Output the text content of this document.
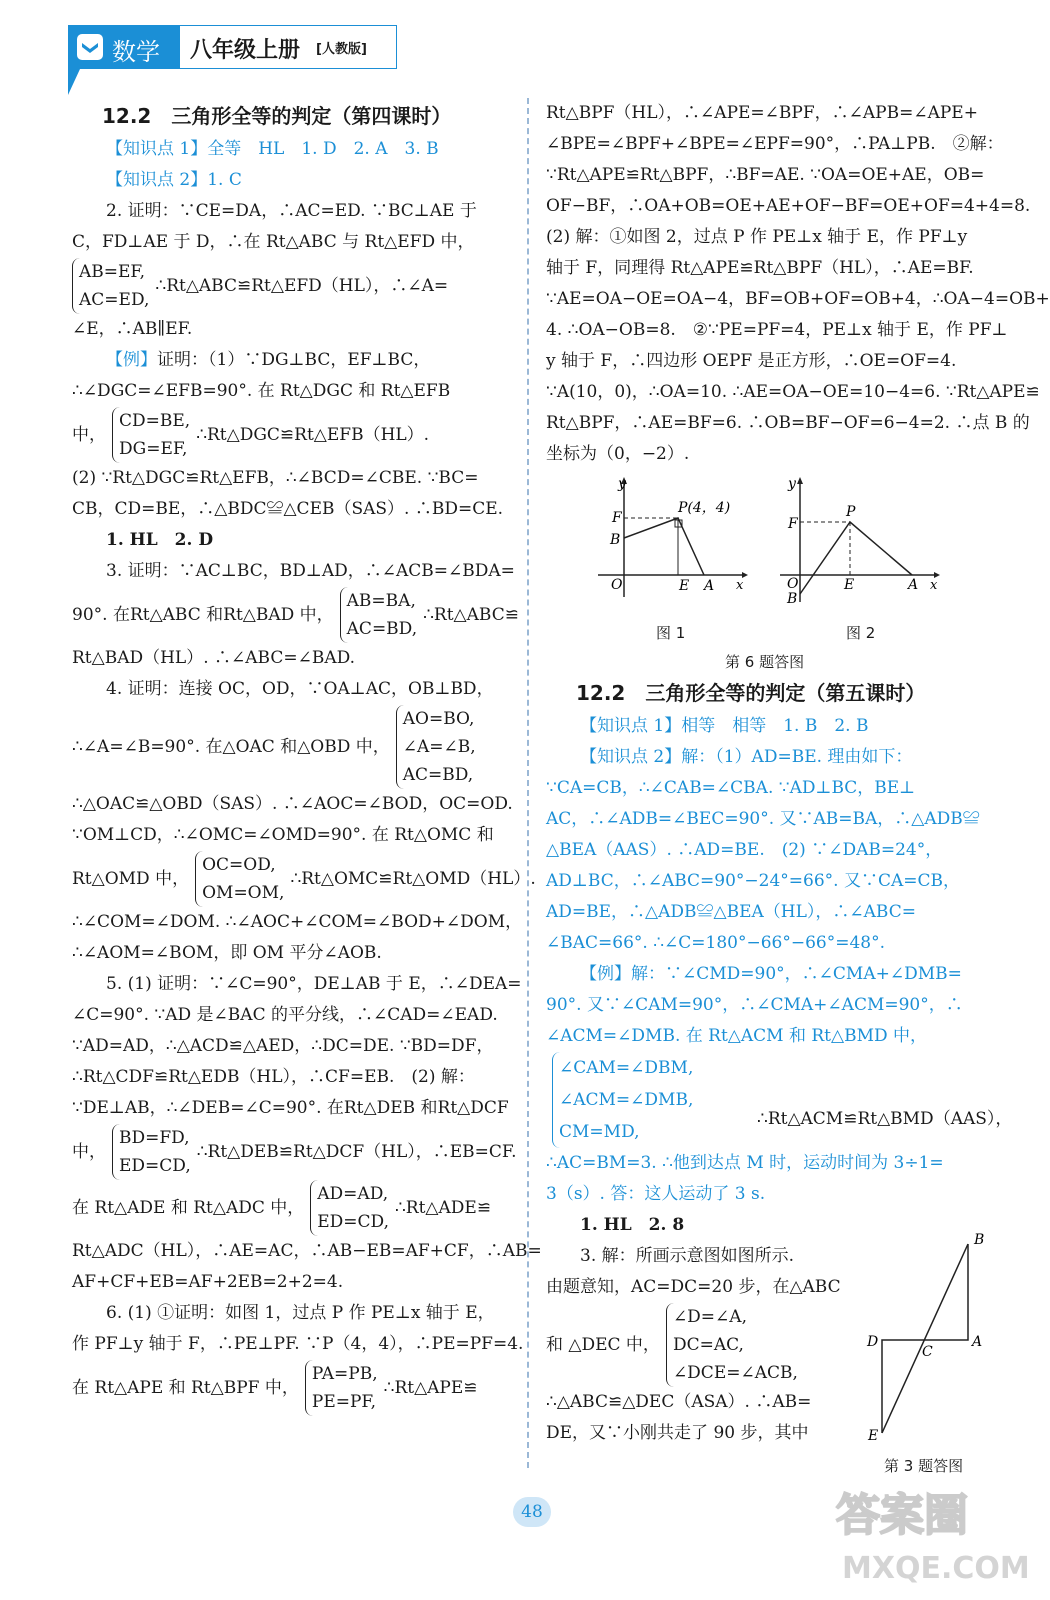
数学 八年级上册 [人教版]

12.2　三角形全等的判定（第四课时）

【知识点 1】全等　HL　1. D　2. A　3. B

【知识点 2】1. C

2. 证明：∵CE=DA，∴AC=ED. ∵BC⊥AE 于

C，FD⊥AE 于 D，∴在 Rt△ABC 与 Rt△EFD 中，

AB=EF,
AC=ED,
∴Rt△ABC≌Rt△EFD（HL），∴∠A=

∠E，∴AB∥EF.

【例】证明：（1）∵DG⊥BC，EF⊥BC，

∴∠DGC=∠EFB=90°. 在 Rt△DGC 和 Rt△EFB

中，
CD=BE,
DG=EF,
∴Rt△DGC≌Rt△EFB（HL）.

(2) ∵Rt△DGC≌Rt△EFB，∴∠BCD=∠CBE. ∵BC=

CB，CD=BE，∴△BDC≌△CEB（SAS）. ∴BD=CE.

1. HL　2. D

3. 证明：∵AC⊥BC，BD⊥AD，∴∠ACB=∠BDA=

90°. 在Rt△ABC 和Rt△BAD 中，
AB=BA,
AC=BD,
∴Rt△ABC≌

Rt△BAD（HL）. ∴∠ABC=∠BAD.

4. 证明：连接 OC，OD，∵OA⊥AC，OB⊥BD，

∴∠A=∠B=90°. 在△OAC 和△OBD 中，
AO=BO,
∠A=∠B,
AC=BD,

∴△OAC≌△OBD（SAS）. ∴∠AOC=∠BOD，OC=OD.

∵OM⊥CD，∴∠OMC=∠OMD=90°. 在 Rt△OMC 和

Rt△OMD 中，
OC=OD,
OM=OM,
∴Rt△OMC≌Rt△OMD（HL）.

∴∠COM=∠DOM. ∴∠AOC+∠COM=∠BOD+∠DOM，

∴∠AOM=∠BOM，即 OM 平分∠AOB.

5. (1) 证明：∵∠C=90°，DE⊥AB 于 E，∴∠DEA=

∠C=90°. ∵AD 是∠BAC 的平分线，∴∠CAD=∠EAD.

∵AD=AD，∴△ACD≌△AED，∴DC=DE. ∵BD=DF，

∴Rt△CDF≌Rt△EDB（HL），∴CF=EB.　(2) 解：

∵DE⊥AB，∴∠DEB=∠C=90°. 在Rt△DEB 和Rt△DCF

中，
BD=FD,
ED=CD,
∴Rt△DEB≌Rt△DCF（HL），∴EB=CF.
在 Rt△ADE 和 Rt△ADC 中，
AD=AD,
ED=CD,
∴Rt△ADE≌

Rt△ADC（HL），∴AE=AC，∴AB−EB=AF+CF，∴AB=

AF+CF+EB=AF+2EB=2+2=4.

6. (1) ①证明：如图 1，过点 P 作 PE⊥x 轴于 E，

作 PF⊥y 轴于 F，∴PE⊥PF. ∵P（4，4），∴PE=PF=4.

在 Rt△APE 和 Rt△BPF 中，
PA=PB,
PE=PF,
∴Rt△APE≌

Rt△BPF（HL），∴∠APE=∠BPF，∴∠APB=∠APE+

∠BPE=∠BPF+∠BPE=∠EPF=90°，∴PA⊥PB.　②解：

∵Rt△APE≌Rt△BPF，∴BF=AE. ∵OA=OE+AE，OB=

OF−BF，∴OA+OB=OE+AE+OF−BF=OE+OF=4+4=8.

(2) 解：①如图 2，过点 P 作 PE⊥x 轴于 E，作 PF⊥y

轴于 F，同理得 Rt△APE≌Rt△BPF（HL），∴AE=BF.

∵AE=OA−OE=OA−4，BF=OB+OF=OB+4，∴OA−4=OB+

4. ∴OA−OB=8.　②∵PE=PF=4，PE⊥x 轴于 E，作 PF⊥

y 轴于 F，∴四边形 OEPF 是正方形，∴OE=OF=4.

∵A(10，0)，∴OA=10. ∴AE=OA−OE=10−4=6. ∵Rt△APE≌

Rt△BPF，∴AE=BF=6. ∴OB=BF−OF=6−4=2. ∴点 B 的

坐标为（0，−2）.

y
x
F
B
O	E A
P(4，4)
图 1
y
x
F
P
O
B
E	A
图 2
第 6 题答图

12.2　三角形全等的判定（第五课时）

【知识点 1】相等　相等　1. B　2. B

【知识点 2】解：（1）AD=BE. 理由如下：

∵CA=CB，∴∠CAB=∠CBA. ∵AD⊥BC，BE⊥

AC，∴∠ADB=∠BEC=90°. 又∵AB=BA，∴△ADB≌

△BEA（AAS）. ∴AD=BE.　(2) ∵∠DAB=24°，

AD⊥BC，∴∠ABC=90°−24°=66°. 又∵CA=CB，

AD=BE，∴△ADB≌△BEA（HL），∴∠ABC=

∠BAC=66°. ∴∠C=180°−66°−66°=48°.

【例】解：∵∠CMD=90°，∴∠CMA+∠DMB=

90°. 又∵∠CAM=90°，∴∠CMA+∠ACM=90°，∴

∠ACM=∠DMB. 在 Rt△ACM 和 Rt△BMD 中，

∠CAM=∠DBM,
∠ACM=∠DMB,
CM=MD,

∴AC=BM=3. ∴他到达点 M 时，运动时间为 3÷1=

3（s）. 答：这人运动了 3 s.

1. HL　2. 8

3. 解：所画示意图如图所示.

由题意知，AC=DC=20 步，在△ABC

和 △DEC 中，
∠D=∠A,
DC=AC,
∠DCE=∠ACB,

∴△ABC≌△DEC（ASA）. ∴AB=

DE，又∵小刚共走了 90 步，其中

∴Rt△ACM≌Rt△BMD（AAS），
B
D
C
A
E
第 3 题答图
48	答案圈
MXQE.COM
